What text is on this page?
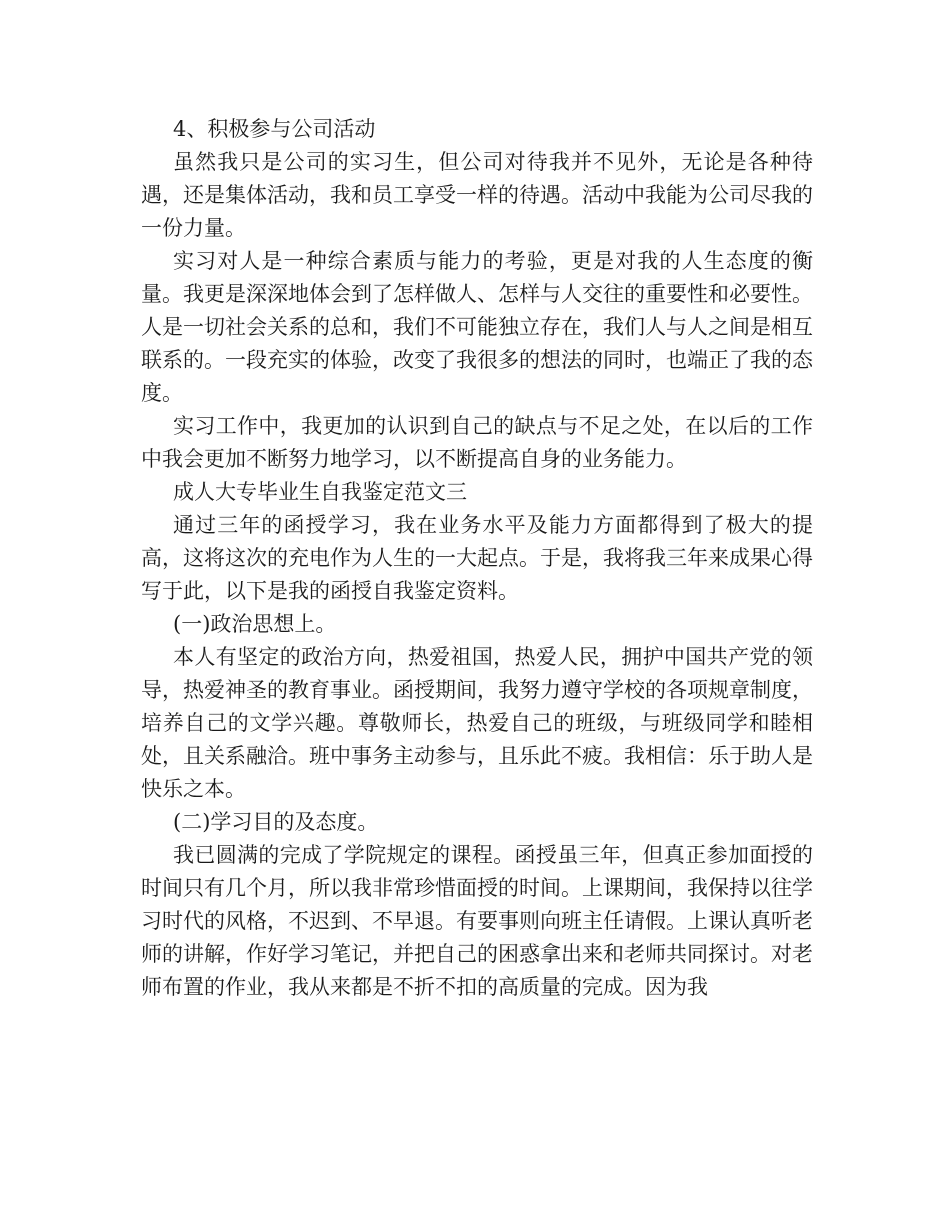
4、积极参与公司活动

虽然我只是公司的实习生，但公司对待我并不见外，无论是各种待遇，还是集体活动，我和员工享受一样的待遇。活动中我能为公司尽我的一份力量。

实习对人是一种综合素质与能力的考验，更是对我的人生态度的衡量。我更是深深地体会到了怎样做人、怎样与人交往的重要性和必要性。人是一切社会关系的总和，我们不可能独立存在，我们人与人之间是相互联系的。一段充实的体验，改变了我很多的想法的同时，也端正了我的态度。

实习工作中，我更加的认识到自己的缺点与不足之处，在以后的工作中我会更加不断努力地学习，以不断提高自身的业务能力。

成人大专毕业生自我鉴定范文三

通过三年的函授学习，我在业务水平及能力方面都得到了极大的提高，这将这次的充电作为人生的一大起点。于是，我将我三年来成果心得写于此，以下是我的函授自我鉴定资料。

(一)政治思想上。

本人有坚定的政治方向，热爱祖国，热爱人民，拥护中国共产党的领导，热爱神圣的教育事业。函授期间，我努力遵守学校的各项规章制度，培养自己的文学兴趣。尊敬师长，热爱自己的班级，与班级同学和睦相处，且关系融洽。班中事务主动参与，且乐此不疲。我相信：乐于助人是快乐之本。

(二)学习目的及态度。

我已圆满的完成了学院规定的课程。函授虽三年，但真正参加面授的时间只有几个月，所以我非常珍惜面授的时间。上课期间，我保持以往学习时代的风格，不迟到、不早退。有要事则向班主任请假。上课认真听老师的讲解，作好学习笔记，并把自己的困惑拿出来和老师共同探讨。对老师布置的作业，我从来都是不折不扣的高质量的完成。因为我
